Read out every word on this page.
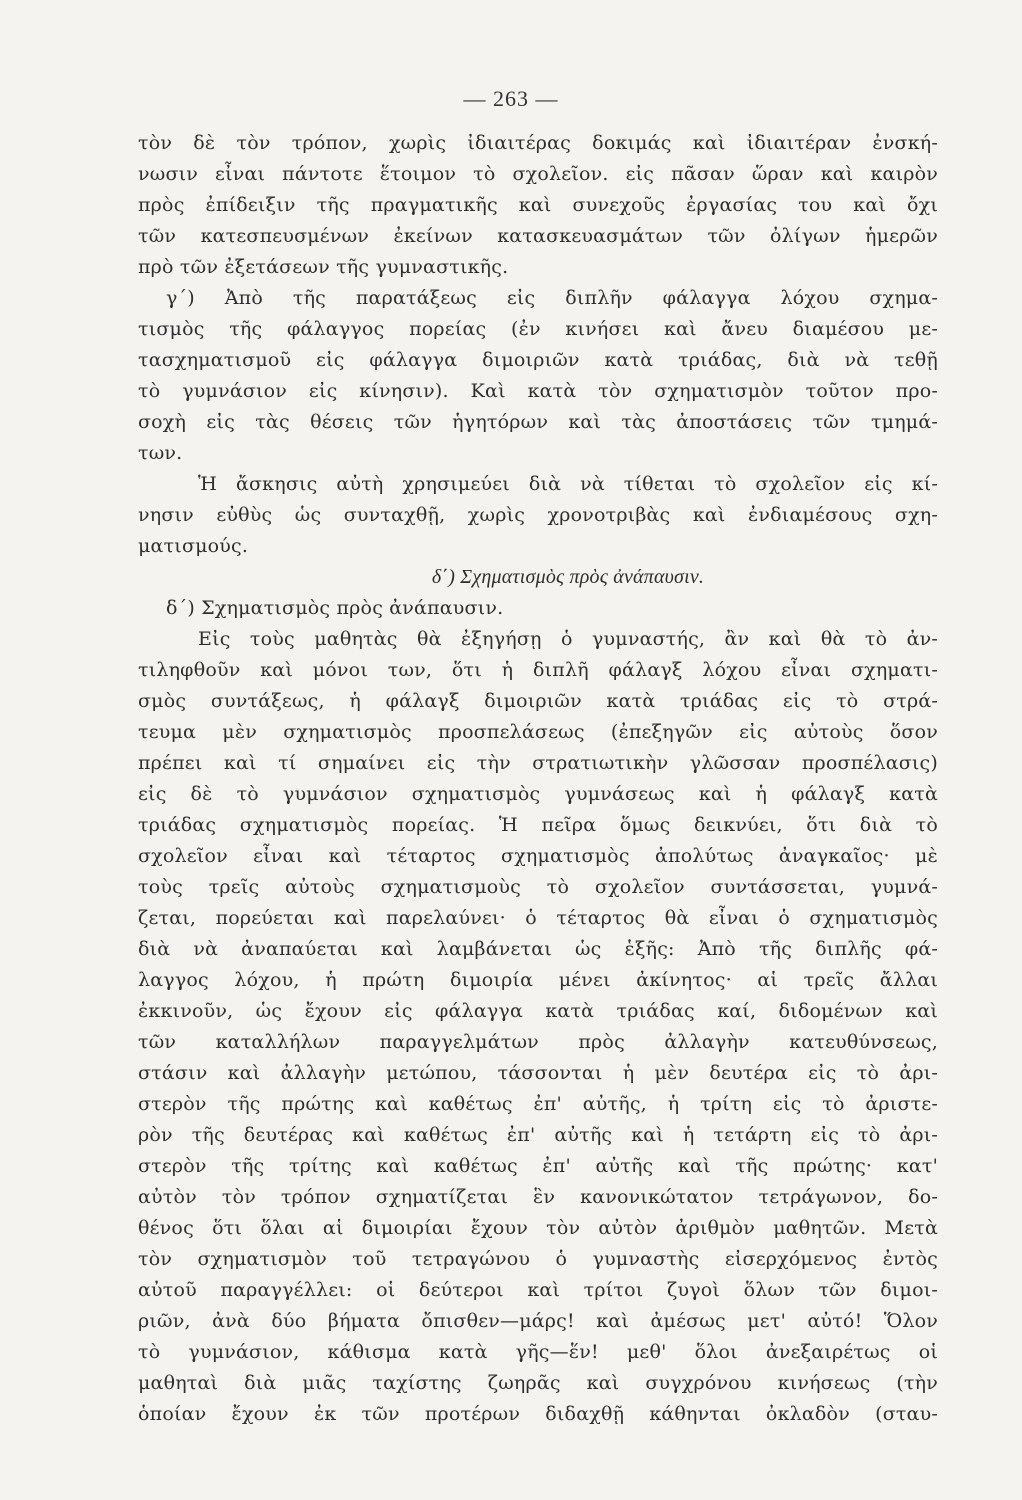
— 263 —
τὸν δὲ τὸν τρόπον, χωρὶς ἰδιαιτέρας δοκιμάς καὶ ἰδιαιτέραν ἐνσκή-
νωσιν εἶναι πάντοτε ἕτοιμον τὸ σχολεῖον. εἰς πᾶσαν ὥραν καὶ καιρὸν
πρὸς ἐπίδειξιν τῆς πραγματικῆς καὶ συνεχοῦς ἐργασίας του καὶ ὄχι
τῶν κατεσπευσμένων ἐκείνων κατασκευασμάτων τῶν ὀλίγων ἡμερῶν
πρὸ τῶν ἐξετάσεων τῆς γυμναστικῆς.
γ΄) Ἀπὸ τῆς παρατάξεως εἰς διπλῆν φάλαγγα λόχου σχημα-
τισμὸς τῆς φάλαγγος πορείας (ἐν κινήσει καὶ ἄνευ διαμέσου με-
τασχηματισμοῦ εἰς φάλαγγα διμοιριῶν κατὰ τριάδας, διὰ νὰ τεθῇ
τὸ γυμνάσιον εἰς κίνησιν). Καὶ κατὰ τὸν σχηματισμὸν τοῦτον προ-
σοχὴ εἰς τὰς θέσεις τῶν ἡγητόρων καὶ τὰς ἀποστάσεις τῶν τμημά-
των.
Ἡ ἄσκησις αὐτὴ χρησιμεύει διὰ νὰ τίθεται τὸ σχολεῖον εἰς κί-
νησιν εὐθὺς ὡς συνταχθῇ, χωρὶς χρονοτριβὰς καὶ ἐνδιαμέσους σχη-
ματισμούς.
δ΄) Σχηματισμὸς πρὸς ἀνάπαυσιν.
δ΄) Σχηματισμὸς πρὸς ἀνάπαυσιν.
Εἰς τοὺς μαθητὰς θὰ ἐξηγήσῃ ὁ γυμναστής, ἂν καὶ θὰ τὸ ἀν-
τιληφθοῦν καὶ μόνοι των, ὅτι ἡ διπλῆ φάλαγξ λόχου εἶναι σχηματι-
σμὸς συντάξεως, ἡ φάλαγξ διμοιριῶν κατὰ τριάδας εἰς τὸ στρά-
τευμα μὲν σχηματισμὸς προσπελάσεως (ἐπεξηγῶν εἰς αὐτοὺς ὅσον
πρέπει καὶ τί σημαίνει εἰς τὴν στρατιωτικὴν γλῶσσαν προσπέλασις)
εἰς δὲ τὸ γυμνάσιον σχηματισμὸς γυμνάσεως καὶ ἡ φάλαγξ κατὰ
τριάδας σχηματισμὸς πορείας. Ἡ πεῖρα ὅμως δεικνύει, ὅτι διὰ τὸ
σχολεῖον εἶναι καὶ τέταρτος σχηματισμὸς ἀπολύτως ἀναγκαῖος· μὲ
τοὺς τρεῖς αὐτοὺς σχηματισμοὺς τὸ σχολεῖον συντάσσεται, γυμνά-
ζεται, πορεύεται καὶ παρελαύνει· ὁ τέταρτος θὰ εἶναι ὁ σχηματισμὸς
διὰ νὰ ἀναπαύεται καὶ λαμβάνεται ὡς ἑξῆς: Ἀπὸ τῆς διπλῆς φά-
λαγγος λόχου, ἡ πρώτη διμοιρία μένει ἀκίνητος· αἱ τρεῖς ἄλλαι
ἐκκινοῦν, ὡς ἔχουν εἰς φάλαγγα κατὰ τριάδας καί, διδομένων καὶ
τῶν καταλλήλων παραγγελμάτων πρὸς ἀλλαγὴν κατευθύνσεως,
στάσιν καὶ ἀλλαγὴν μετώπου, τάσσονται ἡ μὲν δευτέρα εἰς τὸ ἀρι-
στερὸν τῆς πρώτης καὶ καθέτως ἐπ' αὐτῆς, ἡ τρίτη εἰς τὸ ἀριστε-
ρὸν τῆς δευτέρας καὶ καθέτως ἐπ' αὐτῆς καὶ ἡ τετάρτη εἰς τὸ ἀρι-
στερὸν τῆς τρίτης καὶ καθέτως ἐπ' αὐτῆς καὶ τῆς πρώτης· κατ'
αὐτὸν τὸν τρόπον σχηματίζεται ἓν κανονικώτατον τετράγωνον, δο-
θένος ὅτι ὅλαι αἱ διμοιρίαι ἔχουν τὸν αὐτὸν ἀριθμὸν μαθητῶν. Μετὰ
τὸν σχηματισμὸν τοῦ τετραγώνου ὁ γυμναστὴς εἰσερχόμενος ἐντὸς
αὐτοῦ παραγγέλλει: οἱ δεύτεροι καὶ τρίτοι ζυγοὶ ὅλων τῶν διμοι-
ριῶν, ἀνὰ δύο βήματα ὄπισθεν—μάρς! καὶ ἀμέσως μετ' αὐτό! Ὅλον
τὸ γυμνάσιον, κάθισμα κατὰ γῆς—ἕν! μεθ' ὅλοι ἀνεξαιρέτως οἱ
μαθηταὶ διὰ μιᾶς ταχίστης ζωηρᾶς καὶ συγχρόνου κινήσεως (τὴν
ὁποίαν ἔχουν ἐκ τῶν προτέρων διδαχθῇ κάθηνται ὀκλαδὸν (σταυ-
